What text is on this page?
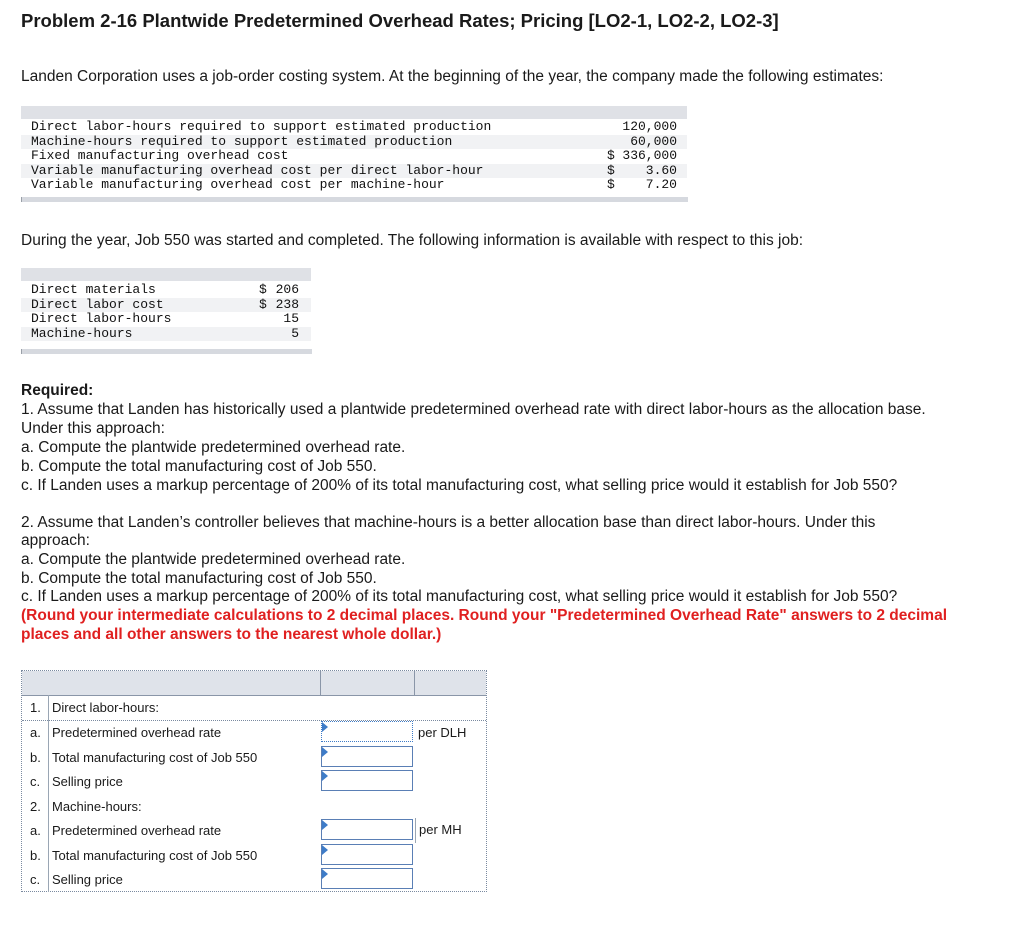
Problem 2-16 Plantwide Predetermined Overhead Rates; Pricing [LO2-1, LO2-2, LO2-3]
Landen Corporation uses a job-order costing system. At the beginning of the year, the company made the following estimates:
Direct labor-hours required to support estimated production	120,000
Machine-hours required to support estimated production	60,000
Fixed manufacturing overhead cost	$ 336,000
Variable manufacturing overhead cost per direct labor-hour	$ 3.60
Variable manufacturing overhead cost per machine-hour	$ 7.20
During the year, Job 550 was started and completed. The following information is available with respect to this job:
Direct materials	$ 206
Direct labor cost	$ 238
Direct labor-hours	15
Machine-hours	5
Required:
1. Assume that Landen has historically used a plantwide predetermined overhead rate with direct labor-hours as the allocation base.
Under this approach:
a. Compute the plantwide predetermined overhead rate.
b. Compute the total manufacturing cost of Job 550.
c. If Landen uses a markup percentage of 200% of its total manufacturing cost, what selling price would it establish for Job 550?
2. Assume that Landen’s controller believes that machine-hours is a better allocation base than direct labor-hours. Under this
approach:
a. Compute the plantwide predetermined overhead rate.
b. Compute the total manufacturing cost of Job 550.
c. If Landen uses a markup percentage of 200% of its total manufacturing cost, what selling price would it establish for Job 550?
(Round your intermediate calculations to 2 decimal places. Round your "Predetermined Overhead Rate" answers to 2 decimal
places and all other answers to the nearest whole dollar.)
1. Direct labor-hours:
a. Predetermined overhead rate	per DLH
b. Total manufacturing cost of Job 550
c. Selling price
2. Machine-hours:
a. Predetermined overhead rate	per MH
b. Total manufacturing cost of Job 550
c. Selling price
